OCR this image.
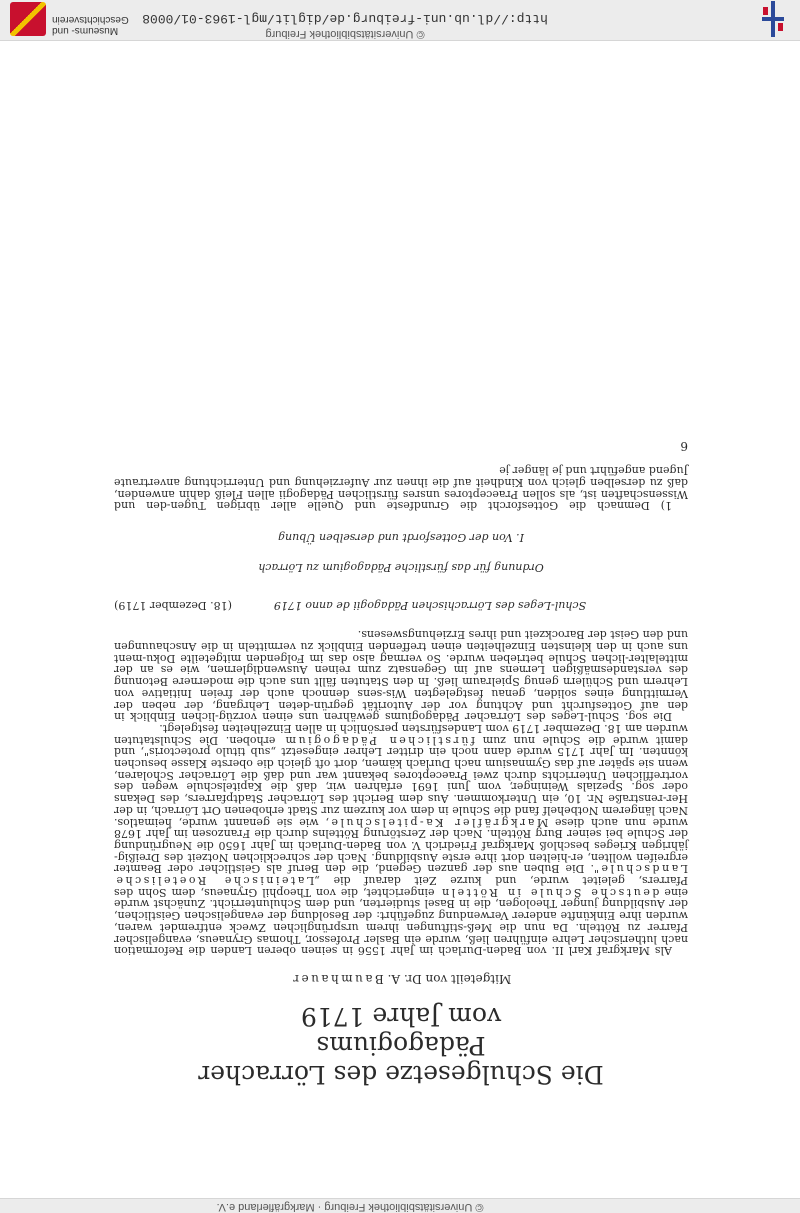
© Universitätsbibliothek Freiburg
http://dl.ub.uni-freiburg.de/diglit/mgl-1963-01/0008
Museums- und
Geschichtsverein
© Universitätsbibliothek Freiburg · Markgräflerland e.V.

Die Schulgesetze des Lörracher Pädagogiums

vom Jahre 1719

Mitgeteilt von Dr. A. Baumhauer

Als Markgraf Karl II. von Baden-Durlach im Jahr 1556 in seinen oberen Landen die Reformation nach lutherischer Lehre einführen ließ, wurde ein Basler Professor, Thomas Grynaeus, evangelischer Pfarrer zu Rötteln. Da nun die Meß-stiftungen ihrem ursprünglichen Zweck entfremdet waren, wurden ihre Einkünfte anderer Verwendung zugeführt: der Besoldung der evangelischen Geistlichen, der Ausbildung junger Theologen, die in Basel studierten, und dem Schulunterricht. Zunächst wurde eine deutsche Schule in Rötteln eingerichtet, die von Theophil Grynaeus, dem Sohn des Pfarrers, geleitet wurde, und kurze Zeit darauf die „Lateinische Roetelische Landschule". Die Buben aus der ganzen Gegend, die den Beruf als Geistlicher oder Beamter ergreifen wollten, er-hielten dort ihre erste Ausbildung. Nach der schrecklichen Notzeit des Dreißig-jährigen Krieges beschloß Markgraf Friedrich V. von Baden-Durlach im Jahr 1650 die Neugründung der Schule bei seiner Burg Rötteln. Nach der Zerstörung Röttelns durch die Franzosen im Jahr 1678 wurde nun auch diese Markgräfler Ka-pitelschule, wie sie genannt wurde, heimatlos. Nach längerem Notbehelf fand die Schule in dem vor kurzem zur Stadt erhobenen Ort Lörrach, in der Her-renstraße Nr. 10, ein Unterkommen. Aus dem Bericht des Lörracher Stadtpfarrers, des Dekans oder sog. Spezials Weininger, vom Juni 1691 erfahren wir, daß die Kapitelschule wegen des vortrefflichen Unterrichts durch zwei Praeceptores bekannt war und daß die Lörracher Scholaren, wenn sie später auf das Gymnasium nach Durlach kämen, dort oft gleich die oberste Klasse besuchen könnten. Im Jahr 1715 wurde dann noch ein dritter Lehrer eingesetzt „sub titulo protectoris", und damit wurde die Schule nun zum fürstlichen Pädagogium erhoben. Die Schulstatuten wurden am 18. Dezember 1719 vom Landesfürsten persönlich in allen Einzelheiten festgelegt.

Die sog. Schul-Leges des Lörracher Pädagogiums gewähren uns einen vorzüg-lichen Einblick in den auf Gottesfurcht und Achtung vor der Autorität gegrün-deten Lehrgang, der neben der Vermittlung eines soliden, genau festgelegten Wis-sens dennoch auch der freien Initiative von Lehrern und Schülern genug Spielraum ließ. In den Statuten fällt uns auch die modernere Betonung des verstandesmäßigen Lernens auf im Gegensatz zum reinen Auswendiglernen, wie es an der mittelalter-lichen Schule betrieben wurde. So vermag also das im Folgenden mitgeteilte Doku-ment uns auch in den kleinsten Einzelheiten einen treffenden Einblick zu vermitteln in die Anschauungen und den Geist der Barockzeit und ihres Erziehungswesens.

Schul-Leges des Lörrachischen Pädagogii de anno 1719
(18. Dezember 1719)

Ordnung für das fürstliche Pädagogium zu Lörrach

I. Von der Gottesfordt und derselben Übung

1) Demnach die Gottesforcht die Grundfeste und Quelle aller übrigen Tugen-den und Wissenschaften ist, als sollen Praeceptores unsres fürstlichen Pädagogii allen Fleiß dahin anwenden, daß zu derselben gleich von Kindheit auf die ihnen zur Auferziehung und Unterrichtung anvertraute Jugend angeführt und je länger je

6
